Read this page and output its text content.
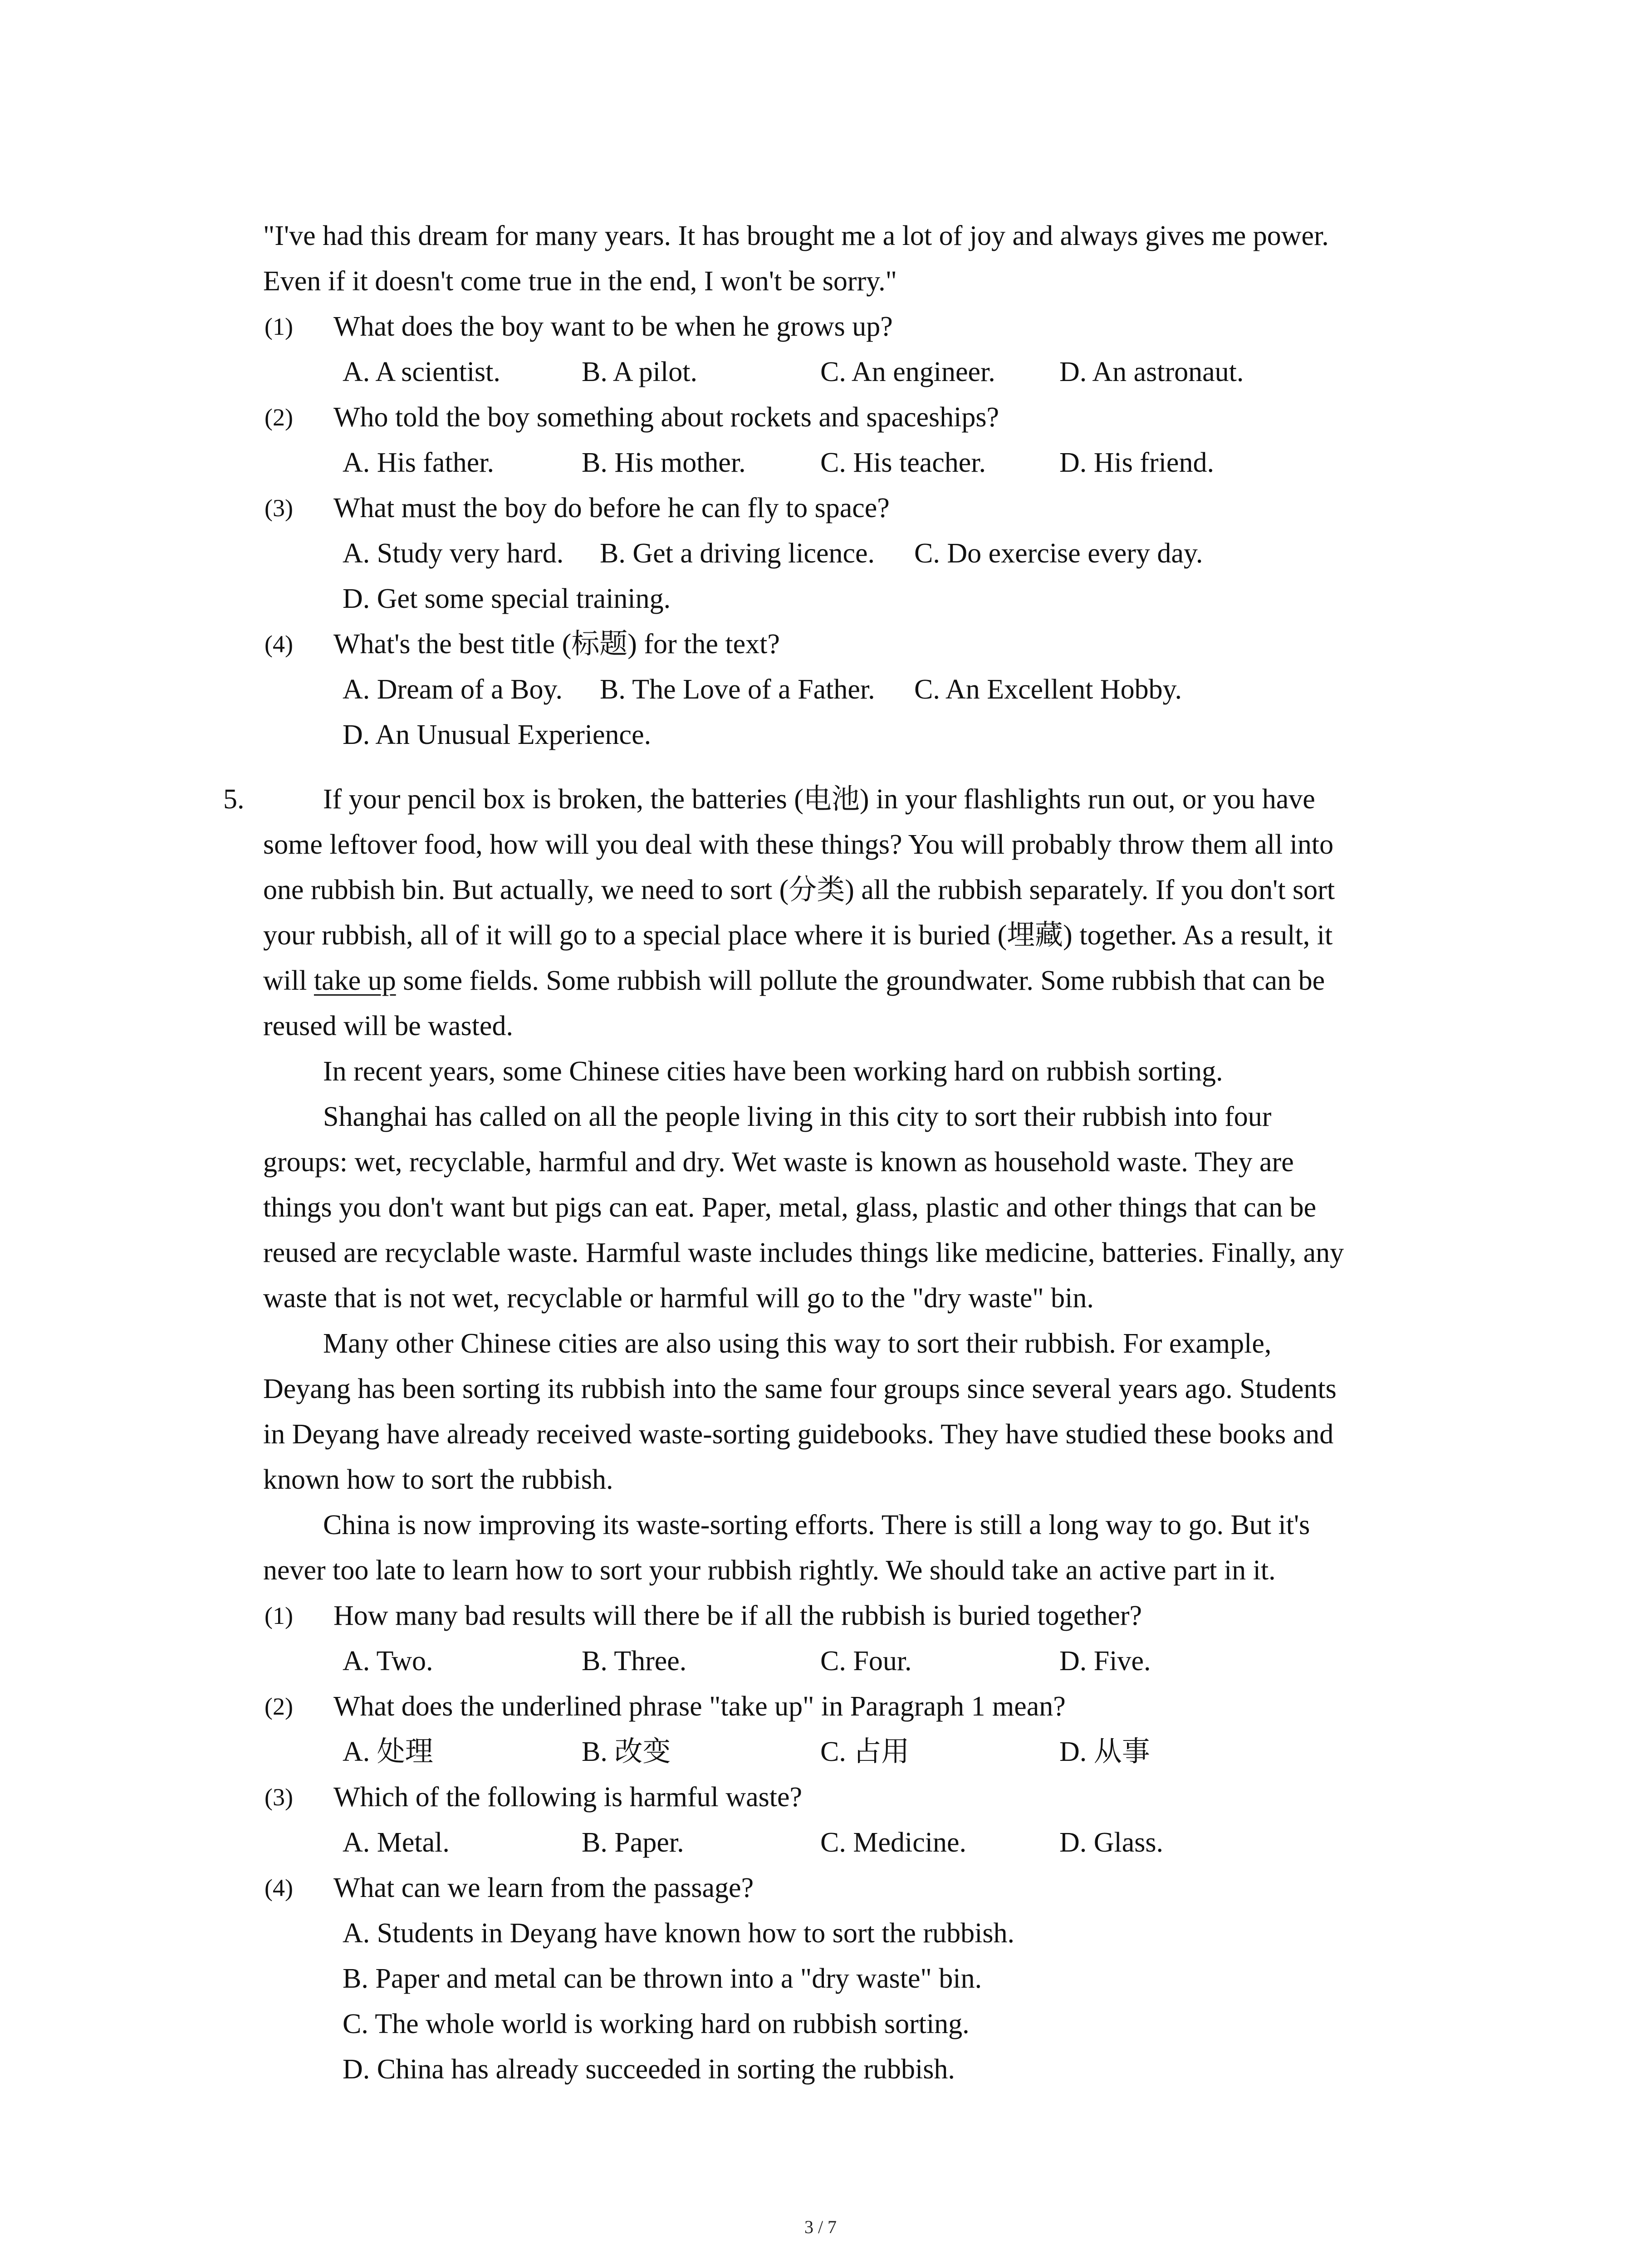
"I've had this dream for many years. It has brought me a lot of joy and always gives me power.
Even if it doesn't come true in the end, I won't be sorry."
(1) What does the boy want to be when he grows up?
A. A scientist.	B. A pilot.	C. An engineer. D. An astronaut.
(2) Who told the boy something about rockets and spaceships?
A. His father.	B. His mother.	C. His teacher.	D. His friend.
(3) What must the boy do before he can fly to space?
A. Study very hard. B. Get a driving licence. C. Do exercise every day.
D. Get some special training.
(4) What's the best title (标题) for the text?
A. Dream of a Boy. B. The Love of a Father. C. An Excellent Hobby.
D. An Unusual Experience.
5.	If your pencil box is broken, the batteries (电池) in your flashlights run out, or you have
some leftover food, how will you deal with these things? You will probably throw them all into
one rubbish bin. But actually, we need to sort (分类) all the rubbish separately. If you don't sort
your rubbish, all of it will go to a special place where it is buried (埋藏) together. As a result, it
will take up some fields. Some rubbish will pollute the groundwater. Some rubbish that can be
reused will be wasted.
In recent years, some Chinese cities have been working hard on rubbish sorting.
Shanghai has called on all the people living in this city to sort their rubbish into four
groups: wet, recyclable, harmful and dry. Wet waste is known as household waste. They are
things you don't want but pigs can eat. Paper, metal, glass, plastic and other things that can be
reused are recyclable waste. Harmful waste includes things like medicine, batteries. Finally, any
waste that is not wet, recyclable or harmful will go to the "dry waste" bin.
Many other Chinese cities are also using this way to sort their rubbish. For example,
Deyang has been sorting its rubbish into the same four groups since several years ago. Students
in Deyang have already received waste-sorting guidebooks. They have studied these books and
known how to sort the rubbish.
China is now improving its waste-sorting efforts. There is still a long way to go. But it's
never too late to learn how to sort your rubbish rightly. We should take an active part in it.
(1) How many bad results will there be if all the rubbish is buried together?
A. Two.	B. Three.	C. Four.	D. Five.
(2) What does the underlined phrase "take up" in Paragraph 1 mean?
A. 处理	B. 改变	C. 占用	D. 从事
(3) Which of the following is harmful waste?
A. Metal.	B. Paper.	C. Medicine.	D. Glass.
(4) What can we learn from the passage?
A. Students in Deyang have known how to sort the rubbish.
B. Paper and metal can be thrown into a "dry waste" bin.
C. The whole world is working hard on rubbish sorting.
D. China has already succeeded in sorting the rubbish.
3 / 7
